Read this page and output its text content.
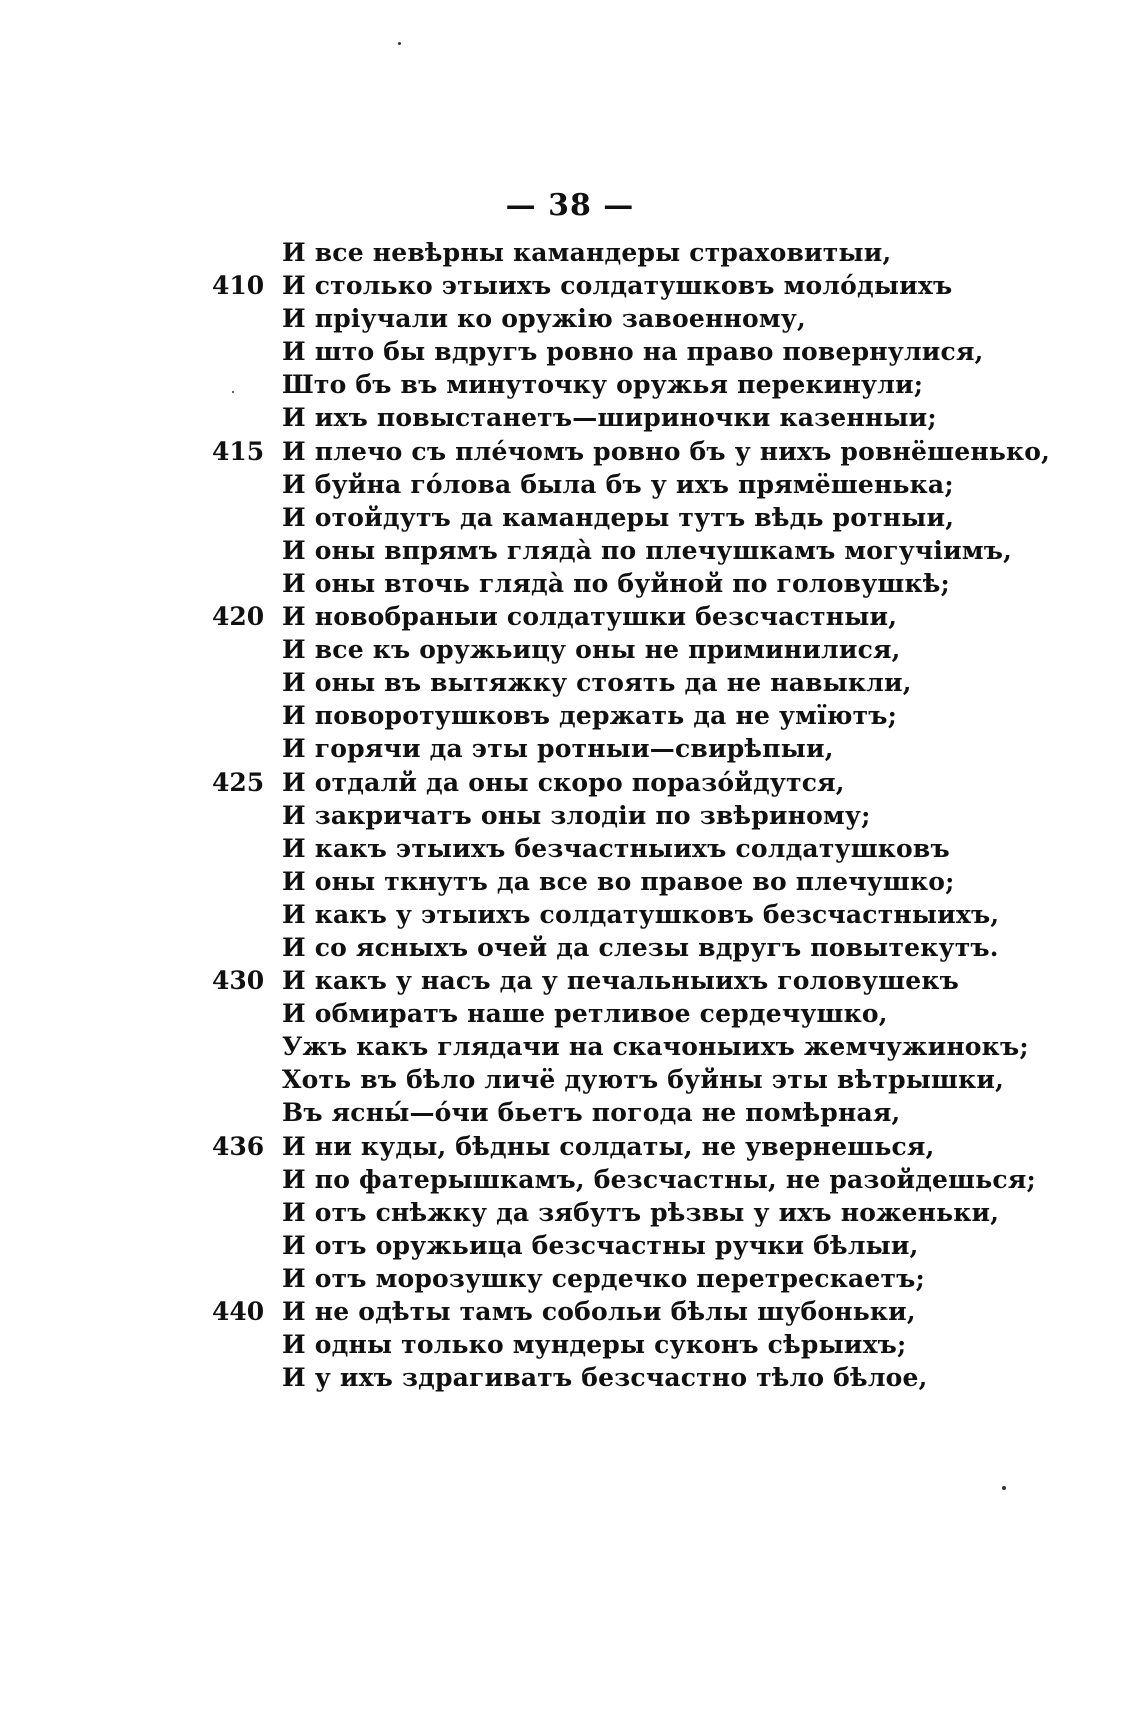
— 38 —
И все невѣрны камандеры страховитыи,
410 И столько этыихъ солдатушковъ молóдыихъ
И прiучали ко оружiю завоенному,
И што бы вдругъ ровно на право повернулися,
Што бъ въ минуточку оружья перекинули;
И ихъ повыстанетъ—ширинoчки казенныи;
415 И плечо съ плéчомъ ровно бъ у нихъ ровнёшенько,
И буйна гóлова была бъ у ихъ прямёшенька;
И отойдутъ да камандеры тутъ вѣдь ротныи,
И оны впрямъ глядà по плечушкамъ могучiимъ,
И оны вточь глядà по буйной по головушкѣ;
420 И новобраныи солдатушки безсчастныи,
И все къ оружьицу оны не приминилися,
И оны въ вытяжку стоять да не навыкли,
И поворотушковъ держать да не умïютъ;
И горячи да эты ротныи—свирѣпыи,
425 И отдалй да оны скоро поразóйдутся,
И закричатъ оны злодiи по звѣриному;
И какъ этыихъ безчастныихъ солдатушковъ
И оны ткнутъ да все во правое во плечушко;
И какъ у этыихъ солдатушковъ безсчастныихъ,
И со ясныхъ очей да слезы вдругъ повытекутъ.
430 И какъ у насъ да у печальныихъ головушекъ
И обмиратъ наше ретливое сердечушко,
Ужъ какъ глядачи на скачоныихъ жемчужинокъ;
Хоть въ бѣло личё дуютъ буйны эты вѣтрышки,
Въ ясны́—óчи бьетъ погода не помѣрная,
436 И ни куды, бѣдны солдаты, не увернешься,
И по фатерышкамъ, безсчастны, не разойдешься;
И отъ снѣжку да зябутъ рѣзвы у ихъ ноженьки,
И отъ оружьица безсчастны ручки бѣлыи,
И отъ морозушку сердечко перетрескаетъ;
440 И не одѣты тамъ собольи бѣлы шубоньки,
И одны только мундеры суконъ сѣрыихъ;
И у ихъ здрагиватъ безсчастно тѣло бѣлое,
